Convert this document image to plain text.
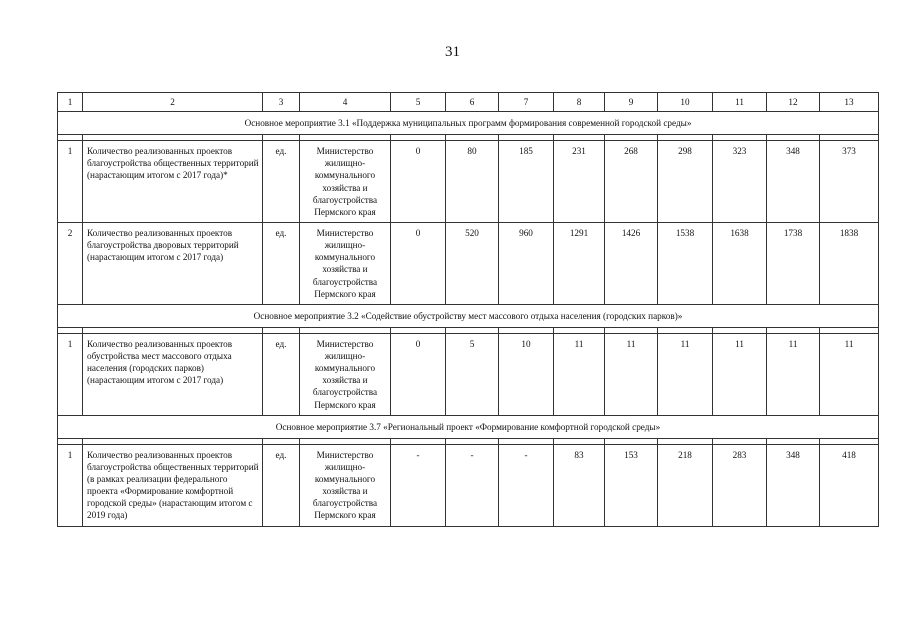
31
1	2	3	4	5	6	7	8	9	10	11	12	13
Основное мероприятие 3.1 «Поддержка муниципальных программ формирования современной городской среды»												

1	Количество реализованных проектов благоустройства общественных территорий (нарастающим итогом с 2017 года)*	ед.	Министерство жилищно-коммунального хозяйства и благоустройства Пермского края	0	80	185	231	268	298	323	348	373
2	Количество реализованных проектов благоустройства дворовых территорий (нарастающим итогом с 2017 года)	ед.	Министерство жилищно-коммунального хозяйства и благоустройства Пермского края	0	520	960	1291	1426	1538	1638	1738	1838
Основное мероприятие 3.2 «Содействие обустройству мест массового отдыха населения (городских парков)»												

1	Количество реализованных проектов обустройства мест массового отдыха населения (городских парков) (нарастающим итогом с 2017 года)	ед.	Министерство жилищно-коммунального хозяйства и благоустройства Пермского края	0	5	10	11	11	11	11	11	11
Основное мероприятие 3.7 «Региональный проект «Формирование комфортной городской среды»												

1	Количество реализованных проектов благоустройства общественных территорий (в рамках реализации федерального проекта «Формирование комфортной городской среды» (нарастающим итогом с 2019 года)	ед.	Министерство жилищно-коммунального хозяйства и благоустройства Пермского края	-	-	-	83	153	218	283	348	418
